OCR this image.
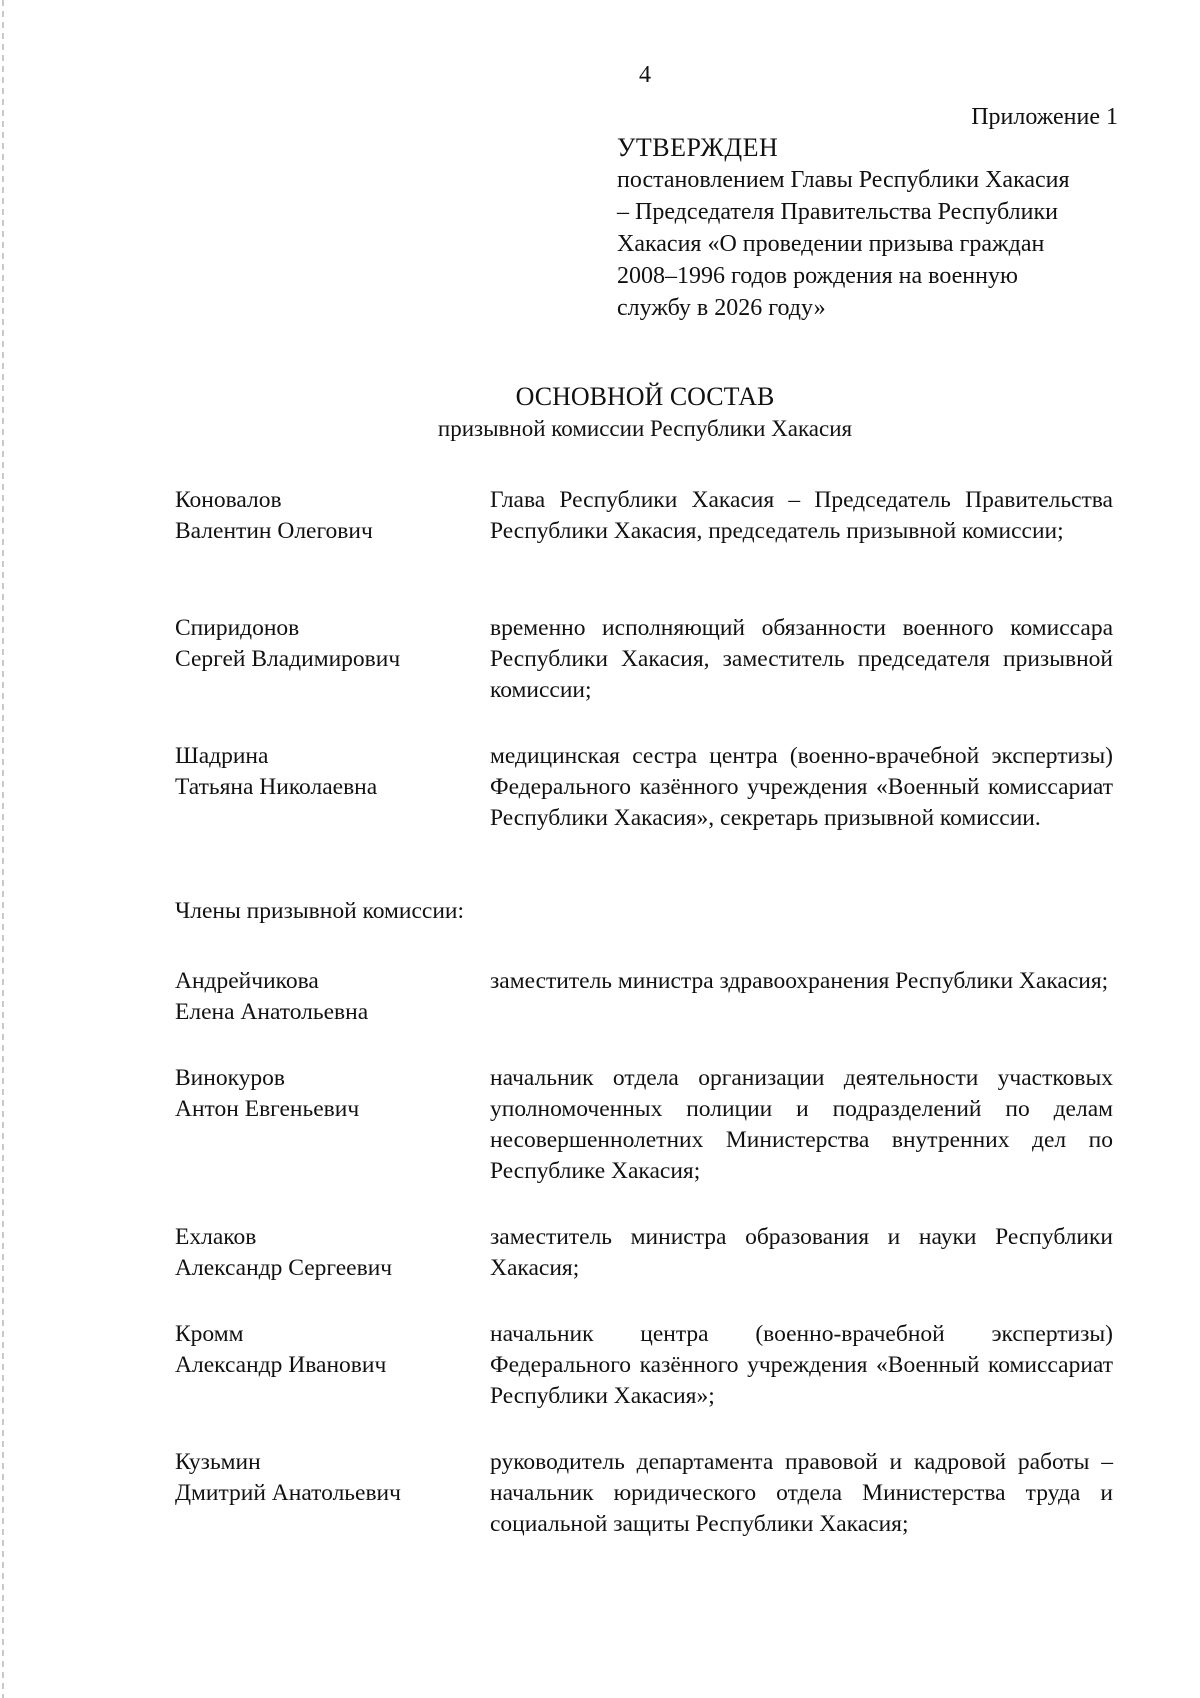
4
Приложение 1
УТВЕРЖДЕН
постановлением Главы Республики Хакасия
– Председателя Правительства Республики
Хакасия «О проведении призыва граждан
2008–1996 годов рождения на военную
службу в 2026 году»
ОСНОВНОЙ СОСТАВ
призывной комиссии Республики Хакасия
Коновалов
Валентин Олегович
Глава Республики Хакасия – Председатель Правительства Республики Хакасия, председатель призывной комиссии;
Спиридонов
Сергей Владимирович
временно исполняющий обязанности военного комиссара Республики Хакасия, заместитель председателя призывной комиссии;
Шадрина
Татьяна Николаевна
медицинская сестра центра (военно-врачебной экспертизы) Федерального казённого учреждения «Военный комиссариат Республики Хакасия», секретарь призывной комиссии.
Члены призывной комиссии:
Андрейчикова
Елена Анатольевна
заместитель министра здравоохранения Республики Хакасия;
Винокуров
Антон Евгеньевич
начальник отдела организации деятельности участковых уполномоченных полиции и подразделений по делам несовершеннолетних Министерства внутренних дел по Республике Хакасия;
Ехлаков
Александр Сергеевич
заместитель министра образования и науки Республики Хакасия;
Кромм
Александр Иванович
начальник центра (военно-врачебной экспертизы) Федерального казённого учреждения «Военный комиссариат Республики Хакасия»;
Кузьмин
Дмитрий Анатольевич
руководитель департамента правовой и кадровой работы – начальник юридического отдела Министерства труда и социальной защиты Республики Хакасия;
